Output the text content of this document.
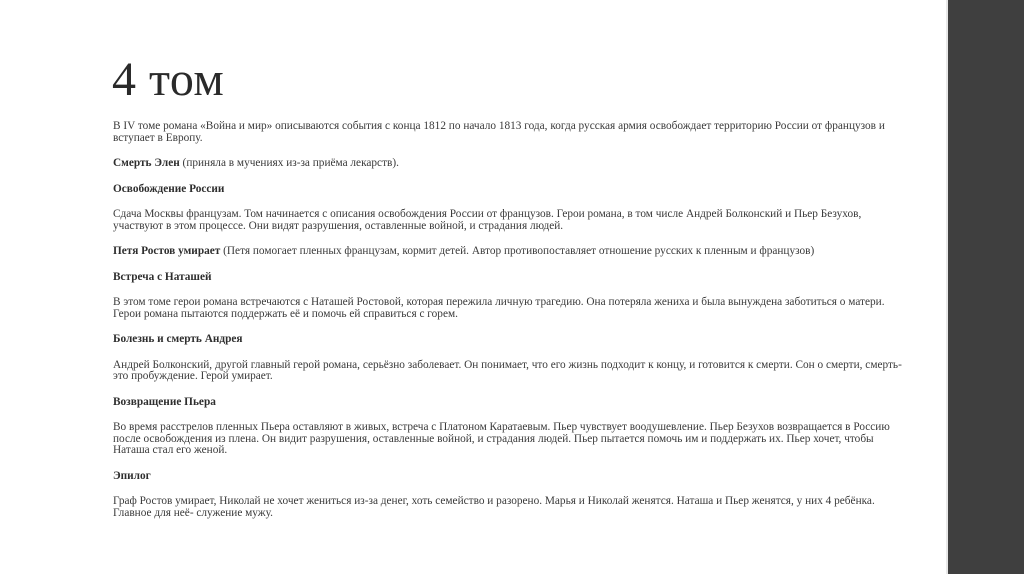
4 том

В IV томе романа «Война и мир» описываются события с конца 1812 по начало 1813 года, когда русская армия освобождает территорию России от французов и вступает в Европу.

Смерть Элен (приняла в мучениях из-за приёма лекарств).

Освобождение России

Сдача Москвы французам. Том начинается с описания освобождения России от французов. Герои романа, в том числе Андрей Болконский и Пьер Безухов, участвуют в этом процессе. Они видят разрушения, оставленные войной, и страдания людей.

Петя Ростов умирает (Петя помогает пленных французам, кормит детей. Автор противопоставляет отношение русских к пленным и французов)

Встреча с Наташей

В этом томе герои романа встречаются с Наташей Ростовой, которая пережила личную трагедию. Она потеряла жениха и была вынуждена заботиться о матери. Герои романа пытаются поддержать её и помочь ей справиться с горем.

Болезнь и смерть Андрея

Андрей Болконский, другой главный герой романа, серьёзно заболевает. Он понимает, что его жизнь подходит к концу, и готовится к смерти. Сон о смерти, смерть-это пробуждение. Герой умирает.

Возвращение Пьера

Во время расстрелов пленных Пьера оставляют в живых, встреча с Платоном Каратаевым. Пьер чувствует воодушевление. Пьер Безухов возвращается в Россию после освобождения из плена. Он видит разрушения, оставленные войной, и страдания людей. Пьер пытается помочь им и поддержать их. Пьер хочет, чтобы Наташа стал его женой.

Эпилог

Граф Ростов умирает, Николай не хочет жениться из-за денег, хоть семейство и разорено. Марья и Николай женятся. Наташа и Пьер женятся, у них 4 ребёнка. Главное для неё- служение мужу.
